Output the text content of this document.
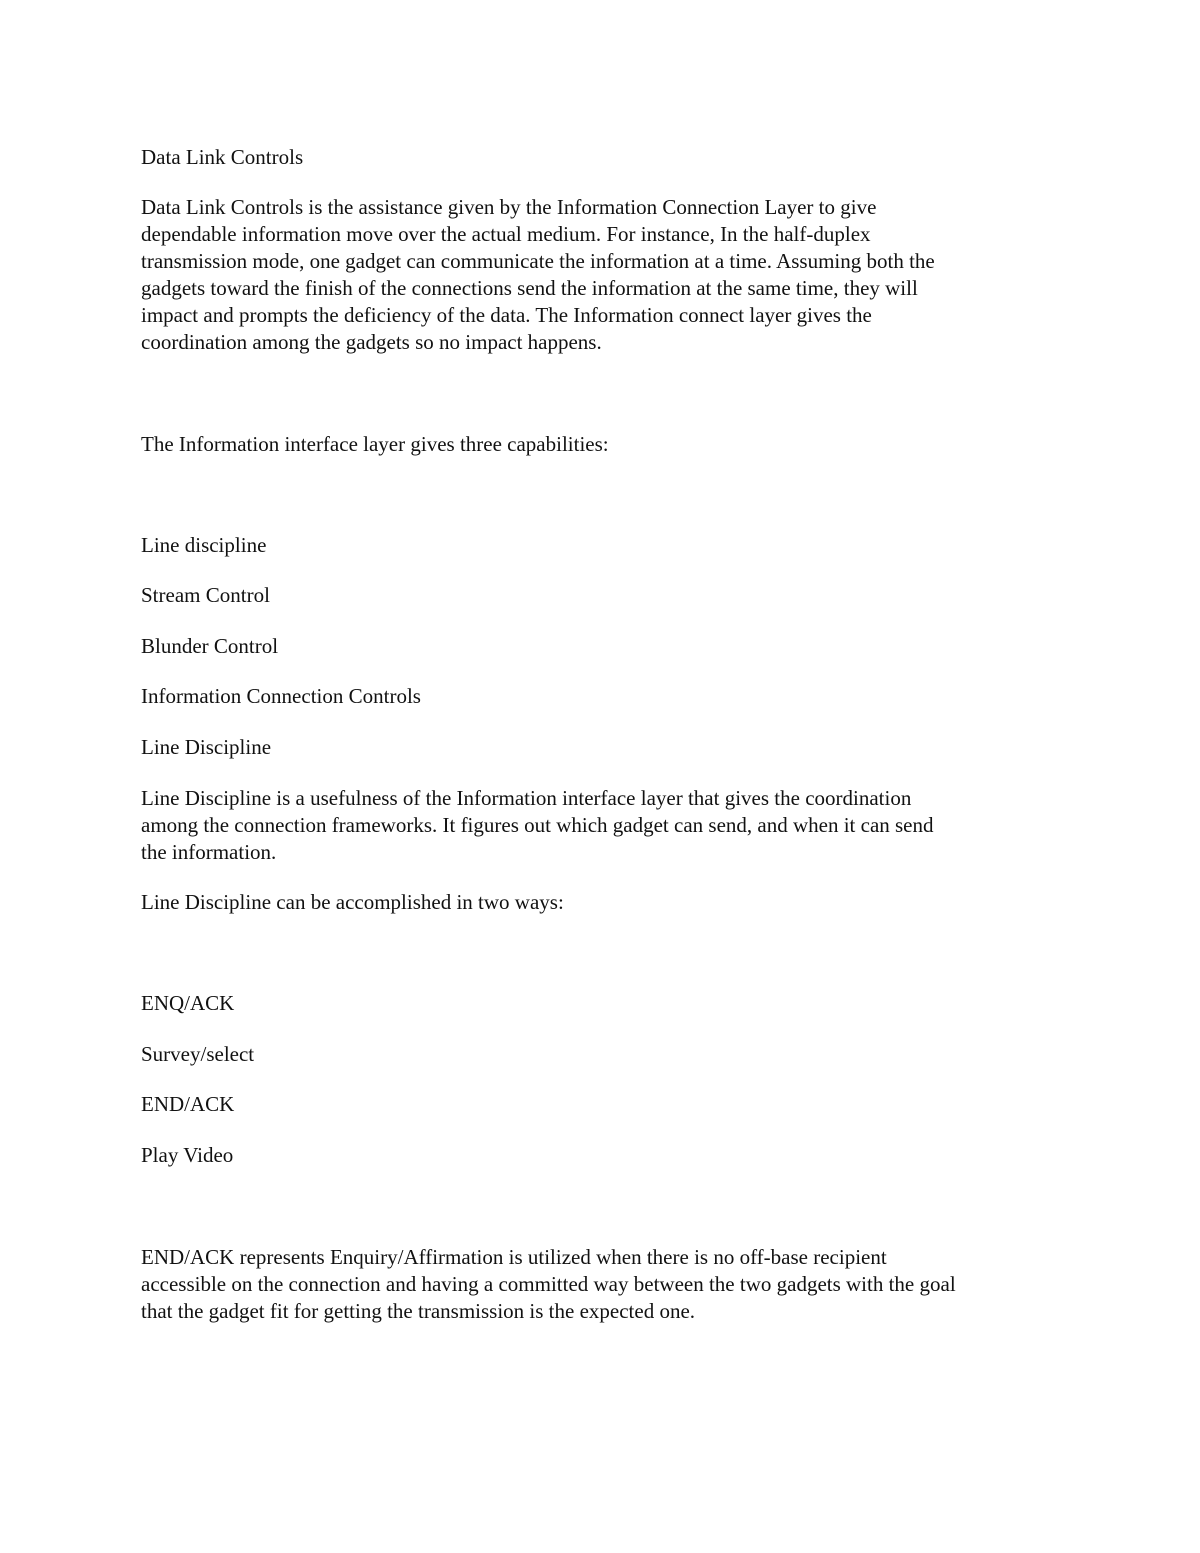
Data Link Controls

Data Link Controls is the assistance given by the Information Connection Layer to give

dependable information move over the actual medium. For instance, In the half-duplex

transmission mode, one gadget can communicate the information at a time. Assuming both the

gadgets toward the finish of the connections send the information at the same time, they will

impact and prompts the deficiency of the data. The Information connect layer gives the

coordination among the gadgets so no impact happens.

The Information interface layer gives three capabilities:

Line discipline

Stream Control

Blunder Control

Information Connection Controls

Line Discipline

Line Discipline is a usefulness of the Information interface layer that gives the coordination

among the connection frameworks. It figures out which gadget can send, and when it can send

the information.

Line Discipline can be accomplished in two ways:

ENQ/ACK

Survey/select

END/ACK

Play Video

END/ACK represents Enquiry/Affirmation is utilized when there is no off-base recipient

accessible on the connection and having a committed way between the two gadgets with the goal

that the gadget fit for getting the transmission is the expected one.
